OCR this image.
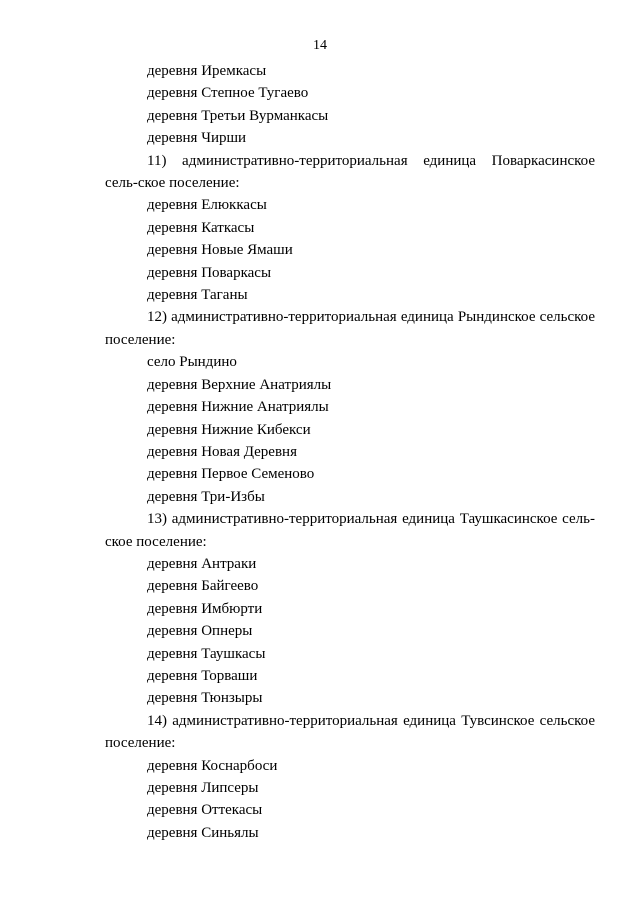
14
деревня Иремкасы
деревня Степное Тугаево
деревня Третьи Вурманкасы
деревня Чирши
11) административно-территориальная единица Поваркасинское сель-ское поселение:
деревня Елюккасы
деревня Каткасы
деревня Новые Ямаши
деревня Поваркасы
деревня Таганы
12) административно-территориальная единица Рындинское сельское поселение:
село Рындино
деревня Верхние Анатриялы
деревня Нижние Анатриялы
деревня Нижние Кибекси
деревня Новая Деревня
деревня Первое Семеново
деревня Три-Избы
13) административно-территориальная единица Таушкасинское сель-ское поселение:
деревня Антраки
деревня Байгеево
деревня Имбюрти
деревня Опнеры
деревня Таушкасы
деревня Торваши
деревня Тюнзыры
14) административно-территориальная единица Тувсинское сельское поселение:
деревня Коснарбоси
деревня Липсеры
деревня Оттекасы
деревня Синьялы
